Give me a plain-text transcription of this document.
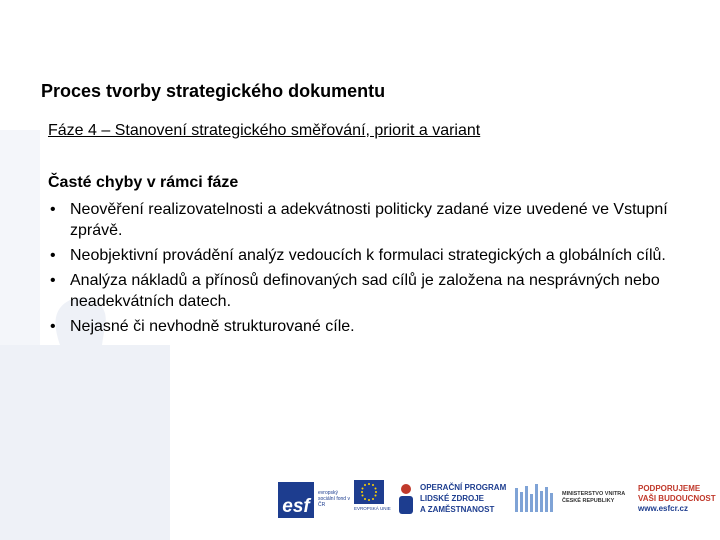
Proces tvorby strategického dokumentu
Fáze 4 – Stanovení strategického směřování, priorit a variant
Časté chyby v rámci fáze
• Neověření realizovatelnosti a adekvátnosti politicky zadané vize uvedené ve Vstupní zprávě.
• Neobjektivní provádění analýz vedoucích k formulaci strategických a globálních cílů.
• Analýza nákladů a přínosů definovaných sad cílů je založena na nesprávných nebo neadekvátních datech.
• Nejasné či nevhodně strukturované cíle.
esf
evropský sociální fond v ČR
EVROPSKÁ UNIE
OPERAČNÍ PROGRAM
LIDSKÉ ZDROJE
A ZAMĚSTNANOST
MINISTERSTVO VNITRA
ČESKÉ REPUBLIKY
PODPORUJEME
VAŠI BUDOUCNOST
www.esfcr.cz
